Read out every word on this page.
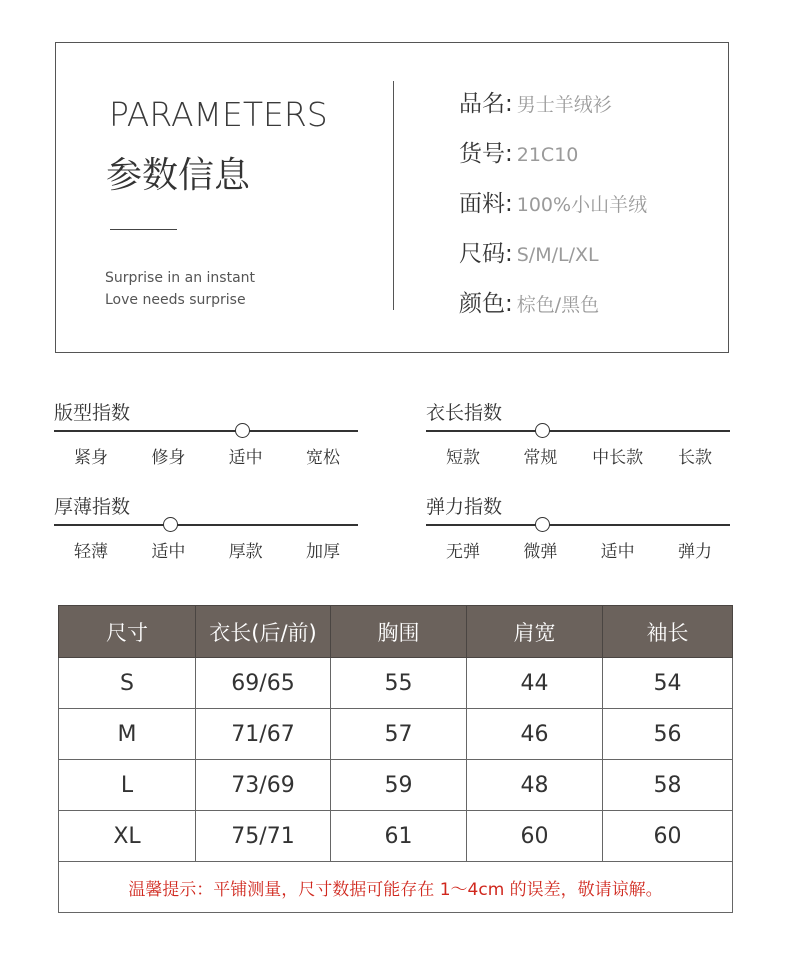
PARAMETERS
参数信息
Surprise in an instant
Love needs surprise
品名: 男士羊绒衫
货号: 21C10
面料: 100%小山羊绒
尺码: S/M/L/XL
颜色: 棕色/黑色
版型指数
紧身	修身	适中	宽松
衣长指数
短款	常规	中长款	长款
厚薄指数
轻薄	适中	厚款	加厚
弹力指数
无弹	微弹	适中	弹力
尺寸	衣长(后/前)	胸围	肩宽	袖长
S	69/65	55	44	54
M	71/67	57	46	56
L	73/69	59	48	58
XL	75/71	61	60	60
温馨提示：平铺测量，尺寸数据可能存在 1～4cm 的误差，敬请谅解。				
